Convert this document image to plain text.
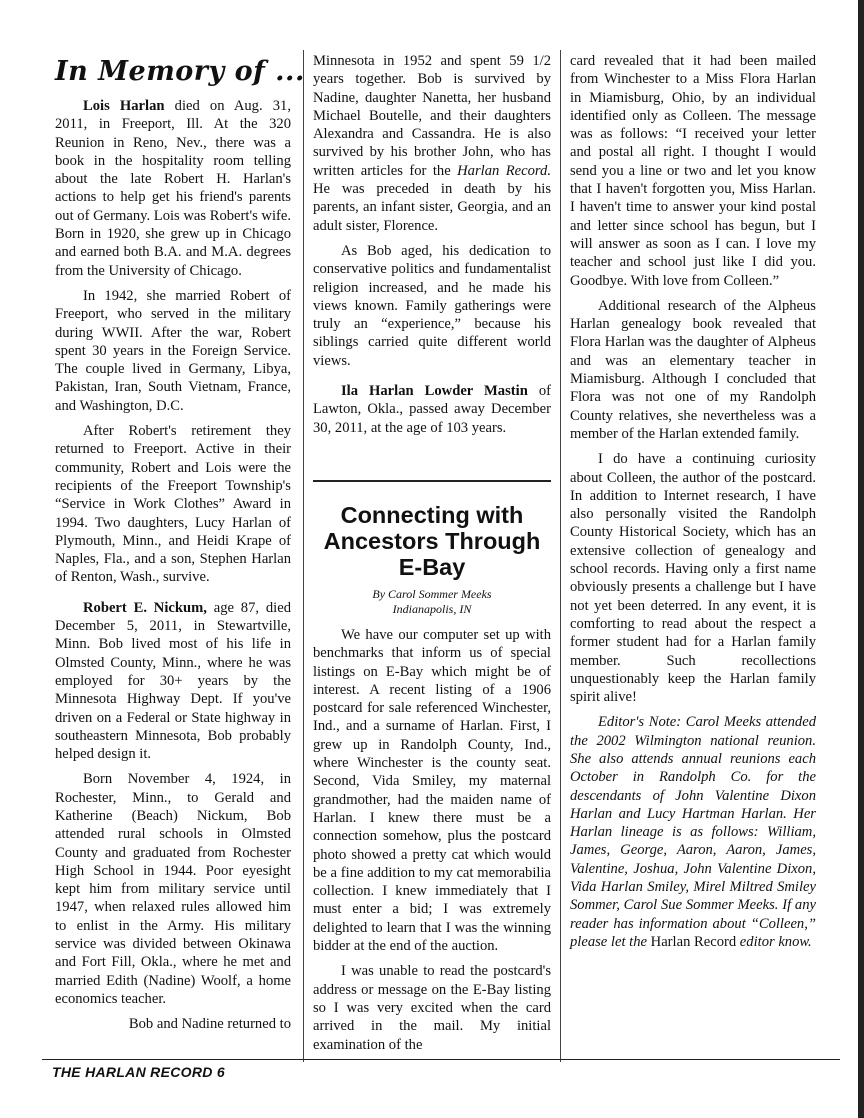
In Memory of ...

Lois Harlan died on Aug. 31, 2011, in Freeport, Ill. At the 320 Reunion in Reno, Nev., there was a book in the hospitality room telling about the late Robert H. Harlan's actions to help get his friend's parents out of Germany. Lois was Robert's wife. Born in 1920, she grew up in Chicago and earned both B.A. and M.A. degrees from the University of Chicago.

In 1942, she married Robert of Freeport, who served in the military during WWII. After the war, Robert spent 30 years in the Foreign Service. The couple lived in Germany, Libya, Pakistan, Iran, South Vietnam, France, and Washington, D.C.

After Robert's retirement they returned to Freeport. Active in their community, Robert and Lois were the recipients of the Freeport Township's “Service in Work Clothes” Award in 1994. Two daughters, Lucy Harlan of Plymouth, Minn., and Heidi Krape of Naples, Fla., and a son, Stephen Harlan of Renton, Wash., survive.

Robert E. Nickum, age 87, died December 5, 2011, in Stewartville, Minn. Bob lived most of his life in Olmsted County, Minn., where he was employed for 30+ years by the Minnesota Highway Dept. If you've driven on a Federal or State highway in southeastern Minnesota, Bob probably helped design it.

Born November 4, 1924, in Rochester, Minn., to Gerald and Katherine (Beach) Nickum, Bob attended rural schools in Olmsted County and graduated from Rochester High School in 1944. Poor eyesight kept him from military service until 1947, when relaxed rules allowed him to enlist in the Army. His military service was divided between Okinawa and Fort Fill, Okla., where he met and married Edith (Nadine) Woolf, a home economics teacher.

Bob and Nadine returned to

Minnesota in 1952 and spent 59 1/2 years together. Bob is survived by Nadine, daughter Nanetta, her husband Michael Boutelle, and their daughters Alexandra and Cassandra. He is also survived by his brother John, who has written articles for the Harlan Record. He was preceded in death by his parents, an infant sister, Georgia, and an adult sister, Florence.

As Bob aged, his dedication to conservative politics and fundamentalist religion increased, and he made his views known. Family gatherings were truly an “experience,” because his siblings carried quite different world views.

Ila Harlan Lowder Mastin of Lawton, Okla., passed away December 30, 2011, at the age of 103 years.

Connecting with Ancestors Through E-Bay
By Carol Sommer Meeks
Indianapolis, IN

We have our computer set up with benchmarks that inform us of special listings on E-Bay which might be of interest. A recent listing of a 1906 postcard for sale referenced Winchester, Ind., and a surname of Harlan. First, I grew up in Randolph County, Ind., where Winchester is the county seat. Second, Vida Smiley, my maternal grandmother, had the maiden name of Harlan. I knew there must be a connection somehow, plus the postcard photo showed a pretty cat which would be a fine addition to my cat memorabilia collection. I knew immediately that I must enter a bid; I was extremely delighted to learn that I was the winning bidder at the end of the auction.

I was unable to read the postcard's address or message on the E-Bay listing so I was very excited when the card arrived in the mail. My initial examination of the

card revealed that it had been mailed from Winchester to a Miss Flora Harlan in Miamisburg, Ohio, by an individual identified only as Colleen. The message was as follows: “I received your letter and postal all right. I thought I would send you a line or two and let you know that I haven't forgotten you, Miss Harlan. I haven't time to answer your kind postal and letter since school has begun, but I will answer as soon as I can. I love my teacher and school just like I did you. Goodbye. With love from Colleen.”

Additional research of the Alpheus Harlan genealogy book revealed that Flora Harlan was the daughter of Alpheus and was an elementary teacher in Miamisburg. Although I concluded that Flora was not one of my Randolph County relatives, she nevertheless was a member of the Harlan extended family.

I do have a continuing curiosity about Colleen, the author of the postcard. In addition to Internet research, I have also personally visited the Randolph County Historical Society, which has an extensive collection of genealogy and school records. Having only a first name obviously presents a challenge but I have not yet been deterred. In any event, it is comforting to read about the respect a former student had for a Harlan family member. Such recollections unquestionably keep the Harlan family spirit alive!

Editor's Note: Carol Meeks attended the 2002 Wilmington national reunion. She also attends annual reunions each October in Randolph Co. for the descendants of John Valentine Dixon Harlan and Lucy Hartman Harlan. Her Harlan lineage is as follows: William, James, George, Aaron, Aaron, James, Valentine, Joshua, John Valentine Dixon, Vida Harlan Smiley, Mirel Miltred Smiley Sommer, Carol Sue Sommer Meeks. If any reader has information about “Colleen,” please let the Harlan Record editor know.

THE HARLAN RECORD 6
